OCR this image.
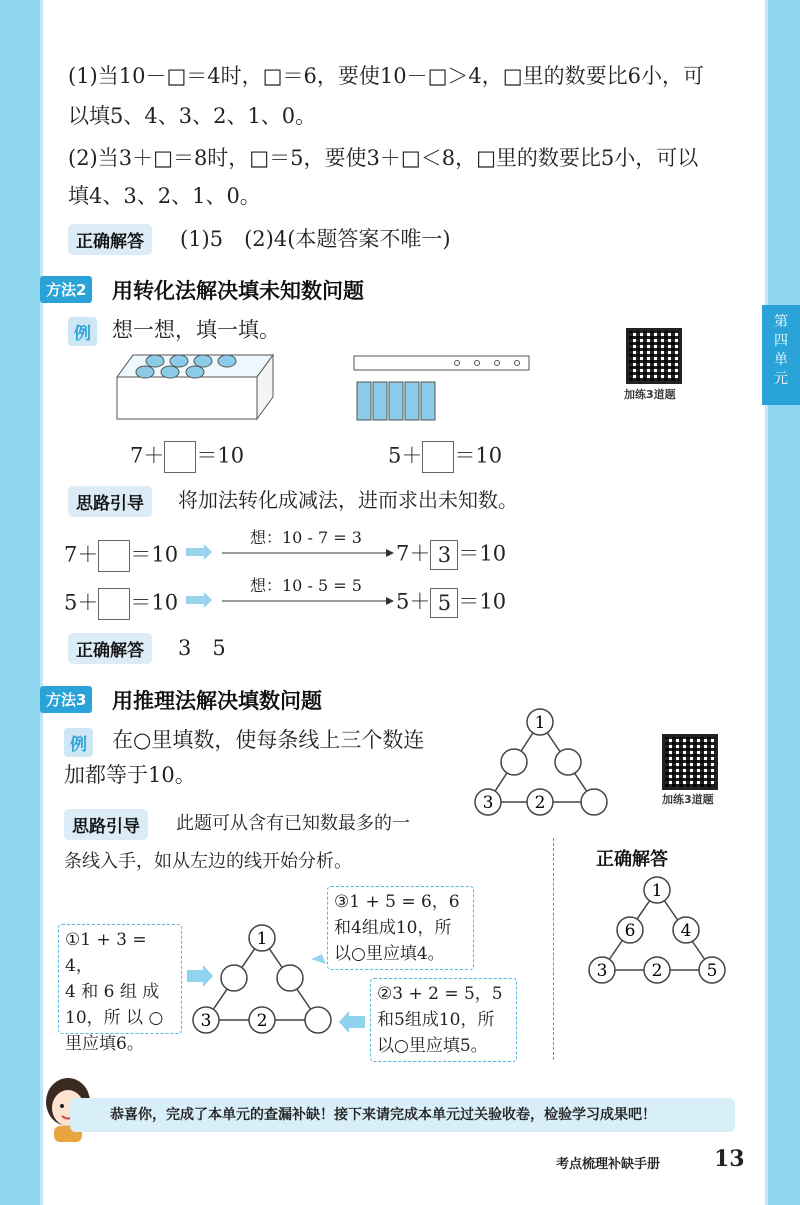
(1)当10－□＝4时，□＝6，要使10－□＞4，□里的数要比6小，可
以填5、4、3、2、1、0。
(2)当3＋□＝8时，□＝5，要使3＋□＜8，□里的数要比5小，可以
填4、3、2、1、0。
正确解答	(1)5　(2)4(本题答案不唯一)
方法2 用转化法解决填未知数问题
例 想一想，填一填。
7＋ ＝10	5＋ ＝10
加练3道题
第四单元
思路引导	将加法转化成减法，进而求出未知数。
7＋ ＝10
想：10 - 7 = 3
7＋ 3 ＝10
5＋ ＝10
想：10 - 5 = 5
5＋ 5 ＝10
正确解答	3　5
方法3 用推理法解决填数问题
例 在○里填数，使每条线上三个数连
加都等于10。
1
3 2	加练3道题
思路引导	此题可从含有已知数最多的一
条线入手，如从左边的线开始分析。	正确解答
1
6	4
3	2	5
①1 + 3 = 4，
4 和 6 组 成
10，所 以 ○
里应填6。
③1 + 5 = 6，6
和4组成10，所
以○里应填4。
②3 + 2 = 5，5
和5组成10，所
以○里应填5。
1
3	2
恭喜你，完成了本单元的查漏补缺！接下来请完成本单元过关验收卷，检验学习成果吧！
考点梳理补缺手册 13
